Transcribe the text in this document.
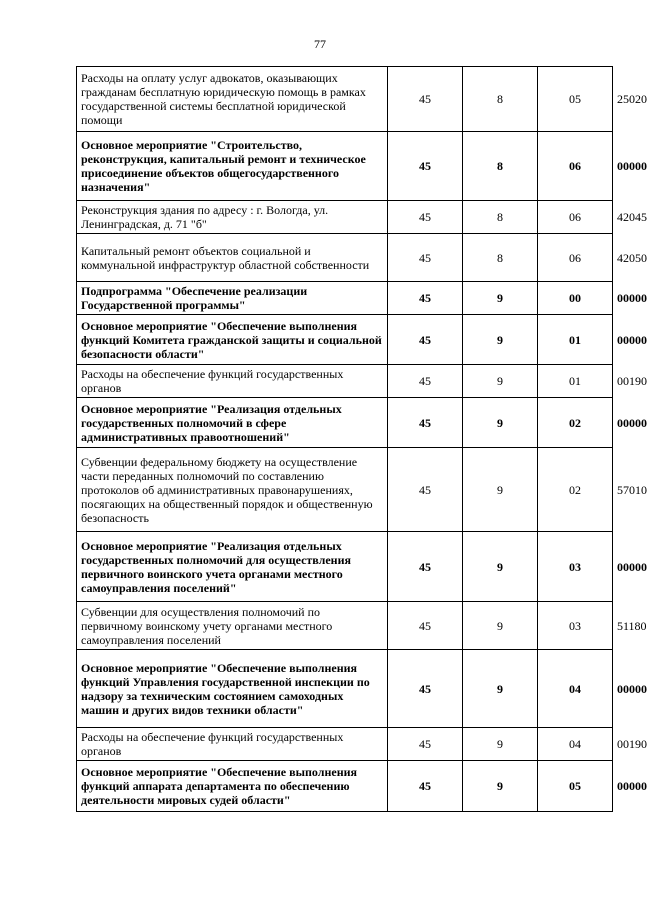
77
Расходы на оплату услуг адвокатов, оказывающих гражданам бесплатную юридическую помощь в рамках государственной системы бесплатной юридической помощи	45	8	05	25020
Основное мероприятие "Строительство, реконструкция, капитальный ремонт и техническое присоединение объектов общегосударственного назначения"	45	8	06	00000
Реконструкция здания по адресу : г. Вологда, ул. Ленинградская, д. 71 "б"	45	8	06	42045
Капитальный ремонт объектов социальной и коммунальной инфраструктур областной собственности	45	8	06	42050
Подпрограмма "Обеспечение реализации Государственной программы"	45	9	00	00000
Основное мероприятие "Обеспечение выполнения функций Комитета гражданской защиты и социальной безопасности области"	45	9	01	00000
Расходы на обеспечение функций государственных органов	45	9	01	00190
Основное мероприятие "Реализация отдельных государственных полномочий в сфере административных правоотношений"	45	9	02	00000
Субвенции федеральному бюджету на осуществление части переданных полномочий по составлению протоколов об административных правонарушениях, посягающих на общественный порядок и общественную безопасность	45	9	02	57010
Основное мероприятие "Реализация отдельных государственных полномочий для осуществления первичного воинского учета органами местного самоуправления поселений"	45	9	03	00000
Субвенции для осуществления полномочий по первичному воинскому учету органами местного самоуправления поселений	45	9	03	51180
Основное мероприятие "Обеспечение выполнения функций Управления государственной инспекции по надзору за техническим состоянием самоходных машин и других видов техники области"	45	9	04	00000
Расходы на обеспечение функций государственных органов	45	9	04	00190
Основное мероприятие "Обеспечение выполнения функций аппарата департамента по обеспечению деятельности мировых судей области"	45	9	05	00000
